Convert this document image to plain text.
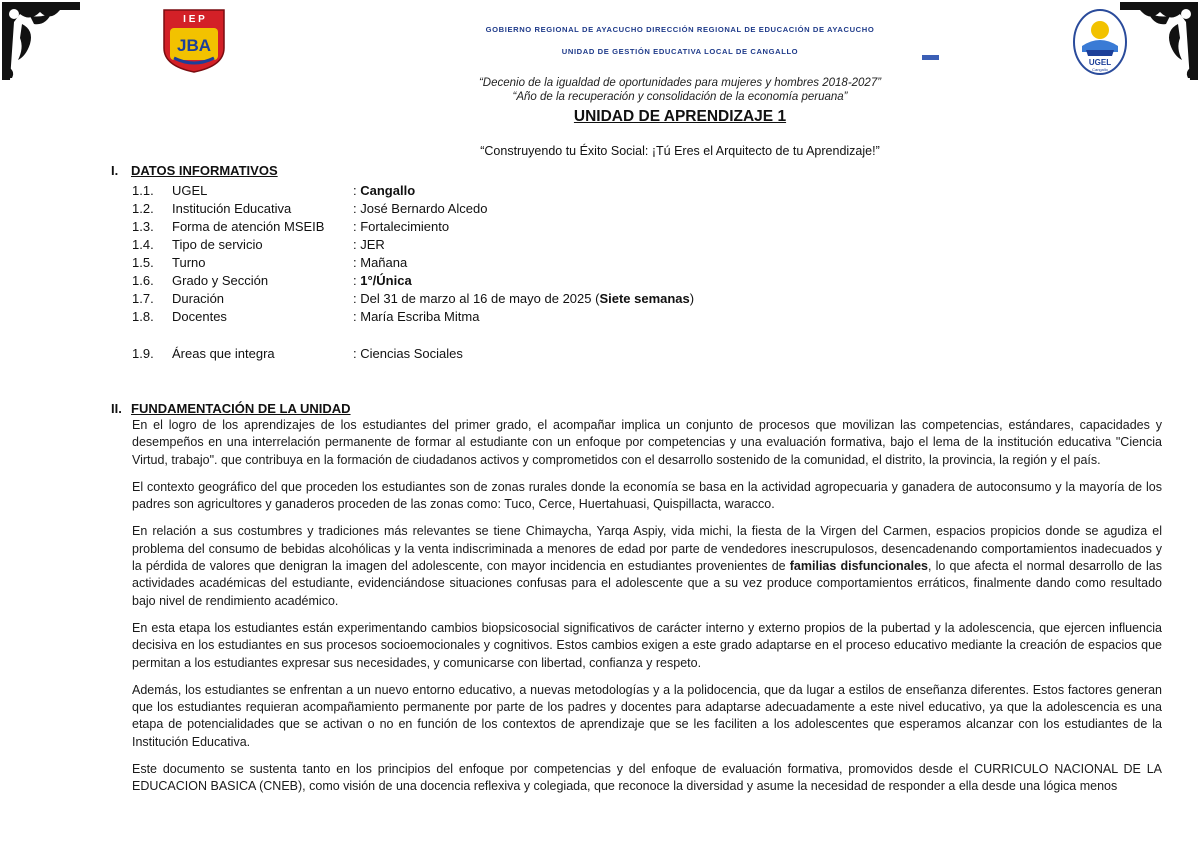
I E P
JBA
UGEL
Cangallo
GOBIERNO REGIONAL DE AYACUCHO DIRECCIÓN REGIONAL DE EDUCACIÓN DE AYACUCHO
UNIDAD DE GESTIÓN EDUCATIVA LOCAL DE CANGALLO
“Decenio de la igualdad de oportunidades para mujeres y hombres 2018-2027”
“Año de la recuperación y consolidación de la economía peruana”
UNIDAD DE APRENDIZAJE 1
“Construyendo tu Éxito Social: ¡Tú Eres el Arquitecto de tu Aprendizaje!”
I. DATOS INFORMATIVOS
1.1.	UGEL	: Cangallo
1.2.	Institución Educativa	: José Bernardo Alcedo
1.3.	Forma de atención MSEIB	: Fortalecimiento
1.4.	Tipo de servicio	: JER
1.5.	Turno	: Mañana
1.6.	Grado y Sección	: 1°/Única
1.7.	Duración	: Del 31 de marzo al 16 de mayo de 2025 (Siete semanas)
1.8.	Docentes	: María Escriba Mitma
1.9.	Áreas que integra	: Ciencias Sociales
II. FUNDAMENTACIÓN DE LA UNIDAD

En el logro de los aprendizajes de los estudiantes del primer grado, el acompañar implica un conjunto de procesos que movilizan las competencias, estándares, capacidades y desempeños en una interrelación permanente de formar al estudiante con un enfoque por competencias y una evaluación formativa, bajo el lema de la institución educativa "Ciencia Virtud, trabajo". que contribuya en la formación de ciudadanos activos y comprometidos con el desarrollo sostenido de la comunidad, el distrito, la provincia, la región y el país.

El contexto geográfico del que proceden los estudiantes son de zonas rurales donde la economía se basa en la actividad agropecuaria y ganadera de autoconsumo y la mayoría de los padres son agricultores y ganaderos proceden de las zonas como: Tuco, Cerce, Huertahuasi, Quispillacta, waracco.

En relación a sus costumbres y tradiciones más relevantes se tiene Chimaycha, Yarqa Aspiy, vida michi, la fiesta de la Virgen del Carmen, espacios propicios donde se agudiza el problema del consumo de bebidas alcohólicas y la venta indiscriminada a menores de edad por parte de vendedores inescrupulosos, desencadenando comportamientos inadecuados y la pérdida de valores que denigran la imagen del adolescente, con mayor incidencia en estudiantes provenientes de familias disfuncionales, lo que afecta el normal desarrollo de las actividades académicas del estudiante, evidenciándose situaciones confusas para el adolescente que a su vez produce comportamientos erráticos, finalmente dando como resultado bajo nivel de rendimiento académico.

En esta etapa los estudiantes están experimentando cambios biopsicosocial significativos de carácter interno y externo propios de la pubertad y la adolescencia, que ejercen influencia decisiva en los estudiantes en sus procesos socioemocionales y cognitivos. Estos cambios exigen a este grado adaptarse en el proceso educativo mediante la creación de espacios que permitan a los estudiantes expresar sus necesidades, y comunicarse con libertad, confianza y respeto.

Además, los estudiantes se enfrentan a un nuevo entorno educativo, a nuevas metodologías y a la polidocencia, que da lugar a estilos de enseñanza diferentes. Estos factores generan que los estudiantes requieran acompañamiento permanente por parte de los padres y docentes para adaptarse adecuadamente a este nivel educativo, ya que la adolescencia es una etapa de potencialidades que se activan o no en función de los contextos de aprendizaje que se les faciliten a los adolescentes que esperamos alcanzar con los estudiantes de la Institución Educativa.

Este documento se sustenta tanto en los principios del enfoque por competencias y del enfoque de evaluación formativa, promovidos desde el CURRICULO NACIONAL DE LA EDUCACION BASICA (CNEB), como visión de una docencia reflexiva y colegiada, que reconoce la diversidad y asume la necesidad de responder a ella desde una lógica menos
